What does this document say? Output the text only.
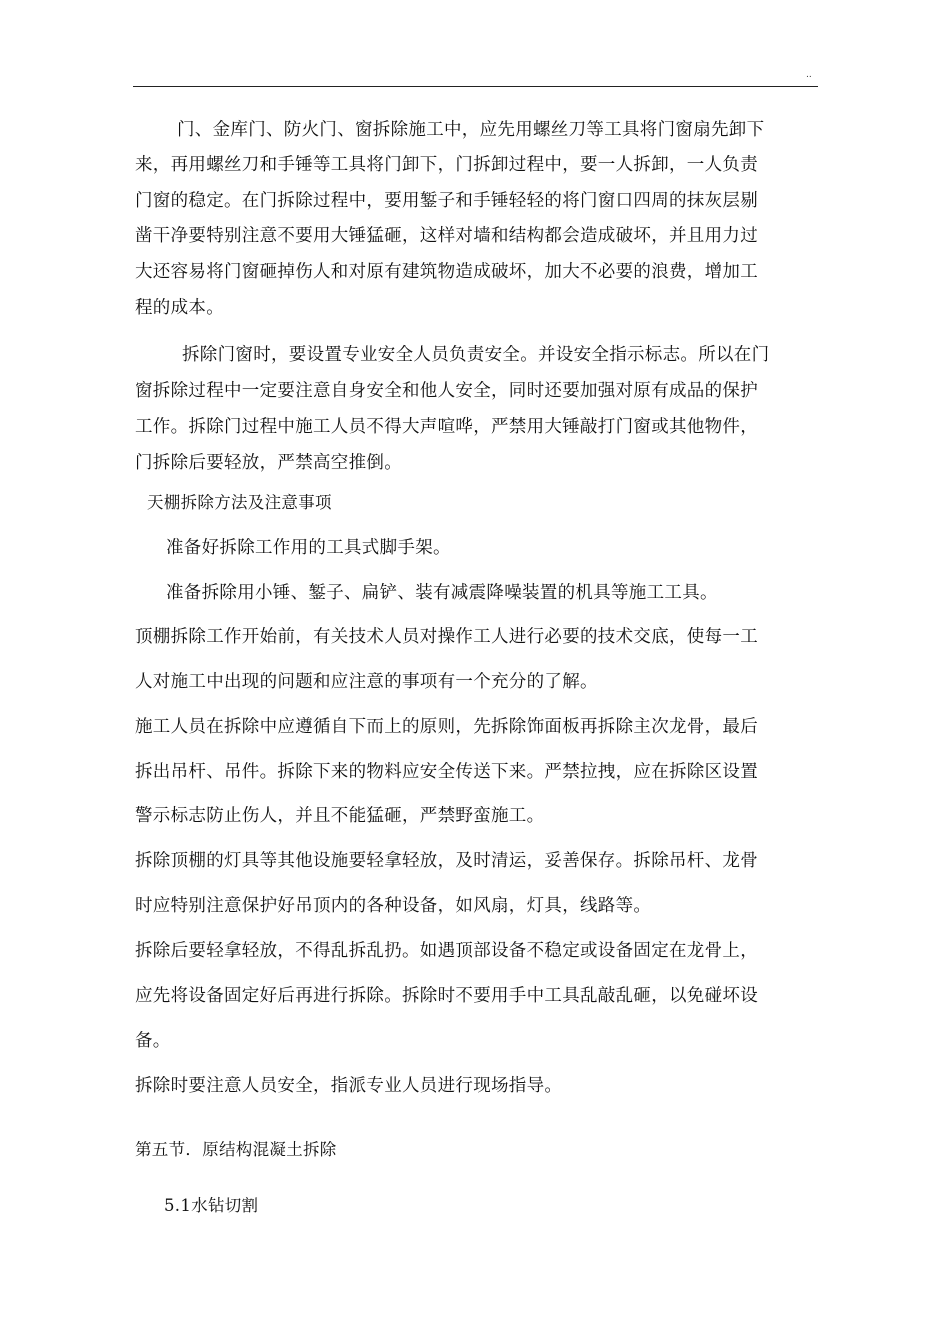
..
门、金库门、防火门、窗拆除施工中，应先用螺丝刀等工具将门窗扇先卸下
来，再用螺丝刀和手锤等工具将门卸下，门拆卸过程中，要一人拆卸，一人负责
门窗的稳定。在门拆除过程中，要用錾子和手锤轻轻的将门窗口四周的抹灰层剔
凿干净要特别注意不要用大锤猛砸，这样对墙和结构都会造成破坏，并且用力过
大还容易将门窗砸掉伤人和对原有建筑物造成破坏，加大不必要的浪费，增加工
程的成本。
拆除门窗时，要设置专业安全人员负责安全。并设安全指示标志。所以在门
窗拆除过程中一定要注意自身安全和他人安全，同时还要加强对原有成品的保护
工作。拆除门过程中施工人员不得大声喧哗，严禁用大锤敲打门窗或其他物件，
门拆除后要轻放，严禁高空推倒。
天棚拆除方法及注意事项
准备好拆除工作用的工具式脚手架。
准备拆除用小锤、錾子、扁铲、装有减震降噪装置的机具等施工工具。
顶棚拆除工作开始前，有关技术人员对操作工人进行必要的技术交底，使每一工
人对施工中出现的问题和应注意的事项有一个充分的了解。
施工人员在拆除中应遵循自下而上的原则，先拆除饰面板再拆除主次龙骨，最后
拆出吊杆、吊件。拆除下来的物料应安全传送下来。严禁拉拽，应在拆除区设置
警示标志防止伤人，并且不能猛砸，严禁野蛮施工。
拆除顶棚的灯具等其他设施要轻拿轻放，及时清运，妥善保存。拆除吊杆、龙骨
时应特别注意保护好吊顶内的各种设备，如风扇，灯具，线路等。
拆除后要轻拿轻放，不得乱拆乱扔。如遇顶部设备不稳定或设备固定在龙骨上，
应先将设备固定好后再进行拆除。拆除时不要用手中工具乱敲乱砸，以免碰坏设
备。
拆除时要注意人员安全，指派专业人员进行现场指导。
第五节．原结构混凝土拆除
5.1水钻切割
